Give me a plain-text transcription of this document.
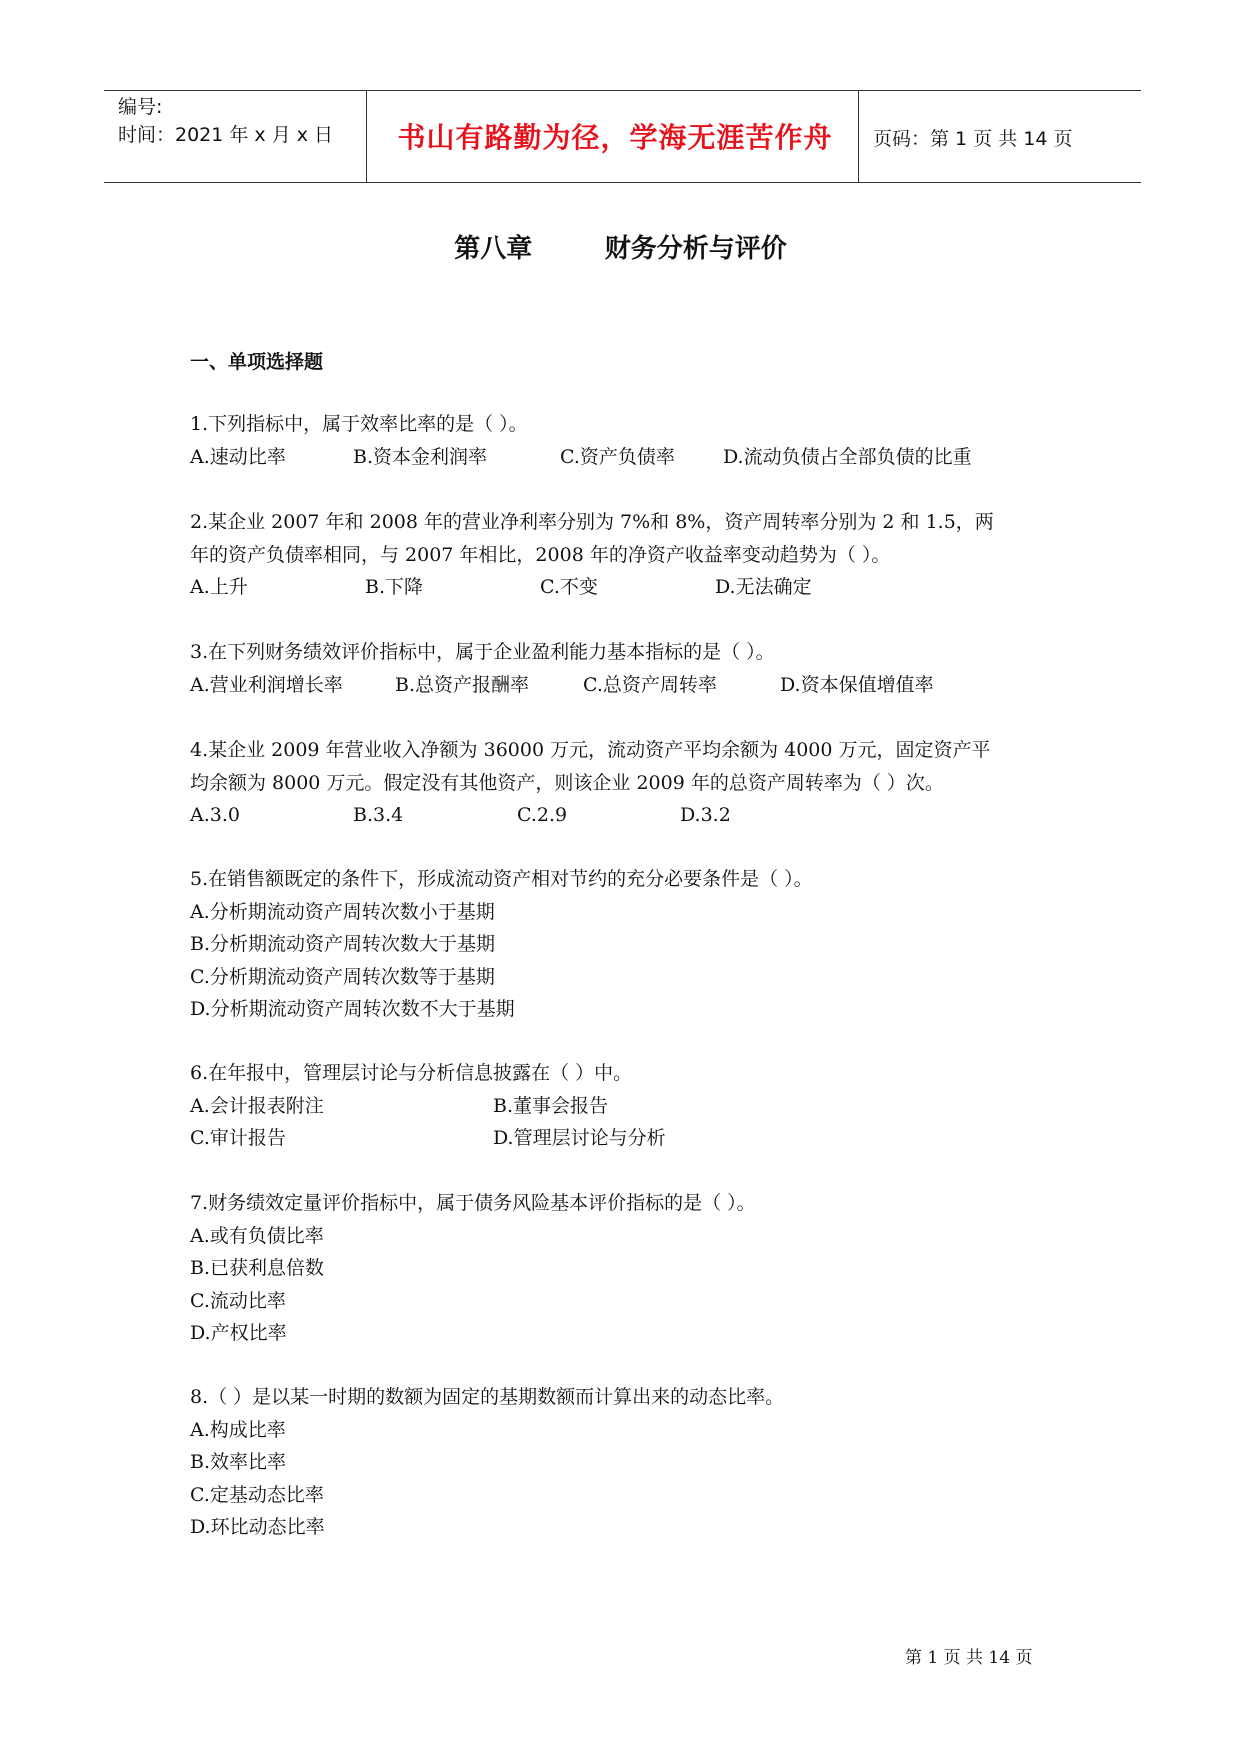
编号:
时间：2021 年 x 月 x 日	书山有路勤为径，学海无涯苦作舟	页码：第 1 页 共 14 页
第八章        财务分析与评价
一、单项选择题

1.下列指标中，属于效率比率的是（ ）。

A.速动比率	B.资本金利润率	C.资产负债率	D.流动负债占全部负债的比重

2.某企业 2007 年和 2008 年的营业净利率分别为 7%和 8%，资产周转率分别为 2 和 1.5，两

年的资产负债率相同，与 2007 年相比，2008 年的净资产收益率变动趋势为（ ）。

A.上升	B.下降	C.不变	D.无法确定

3.在下列财务绩效评价指标中，属于企业盈利能力基本指标的是（ ）。

A.营业利润增长率	B.总资产报酬率	C.总资产周转率	D.资本保值增值率

4.某企业 2009 年营业收入净额为 36000 万元，流动资产平均余额为 4000 万元，固定资产平

均余额为 8000 万元。假定没有其他资产，则该企业 2009 年的总资产周转率为（ ）次。

A.3.0	B.3.4	C.2.9	D.3.2

5.在销售额既定的条件下，形成流动资产相对节约的充分必要条件是（ ）。

A.分析期流动资产周转次数小于基期

B.分析期流动资产周转次数大于基期

C.分析期流动资产周转次数等于基期

D.分析期流动资产周转次数不大于基期

6.在年报中，管理层讨论与分析信息披露在（ ）中。

A.会计报表附注	B.董事会报告
C.审计报告	D.管理层讨论与分析

7.财务绩效定量评价指标中，属于债务风险基本评价指标的是（ ）。

A.或有负债比率

B.已获利息倍数

C.流动比率

D.产权比率

8.（ ）是以某一时期的数额为固定的基期数额而计算出来的动态比率。

A.构成比率

B.效率比率

C.定基动态比率

D.环比动态比率

第 1 页 共 14 页
